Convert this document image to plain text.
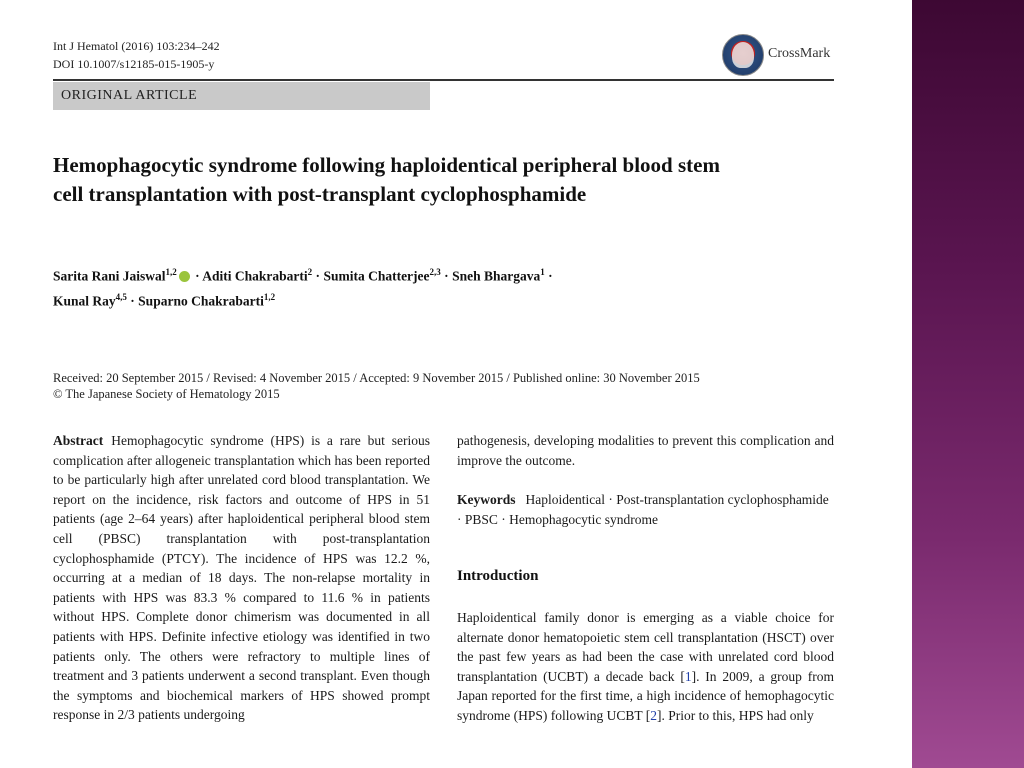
Int J Hematol (2016) 103:234–242
DOI 10.1007/s12185-015-1905-y
CrossMark
ORIGINAL ARTICLE
Hemophagocytic syndrome following haploidentical peripheral blood stem cell transplantation with post-transplant cyclophosphamide
Sarita Rani Jaiswal$^{1,2}$ · Aditi Chakrabarti$^2$ · Sumita Chatterjee$^{2,3}$ · Sneh Bhargava$^1$ ·
Kunal Ray$^{4,5}$ · Suparno Chakrabarti$^{1,2}$
Received: 20 September 2015 / Revised: 4 November 2015 / Accepted: 9 November 2015 / Published online: 30 November 2015
© The Japanese Society of Hematology 2015
Abstract Hemophagocytic syndrome (HPS) is a rare but serious complication after allogeneic transplantation which has been reported to be particularly high after unrelated cord blood transplantation. We report on the incidence, risk factors and outcome of HPS in 51 patients (age 2–64 years) after haploidentical peripheral blood stem cell (PBSC) transplantation with post-transplantation cyclophosphamide (PTCY). The incidence of HPS was 12.2 %, occurring at a median of 18 days. The non-relapse mortality in patients with HPS was 83.3 % compared to 11.6 % in patients without HPS. Complete donor chimerism was documented in all patients with HPS. Definite infective etiology was identified in two patients only. The others were refractory to multiple lines of treatment and 3 patients underwent a second transplant. Even though the symptoms and biochemical markers of HPS showed prompt response in 2/3 patients undergoing
pathogenesis, developing modalities to prevent this complication and improve the outcome.
Keywords Haploidentical · Post-transplantation cyclophosphamide · PBSC · Hemophagocytic syndrome
Introduction
Haploidentical family donor is emerging as a viable choice for alternate donor hematopoietic stem cell transplantation (HSCT) over the past few years as had been the case with unrelated cord blood transplantation (UCBT) a decade back [1]. In 2009, a group from Japan reported for the first time, a high incidence of hemophagocytic syndrome (HPS) following UCBT [2]. Prior to this, HPS had only
